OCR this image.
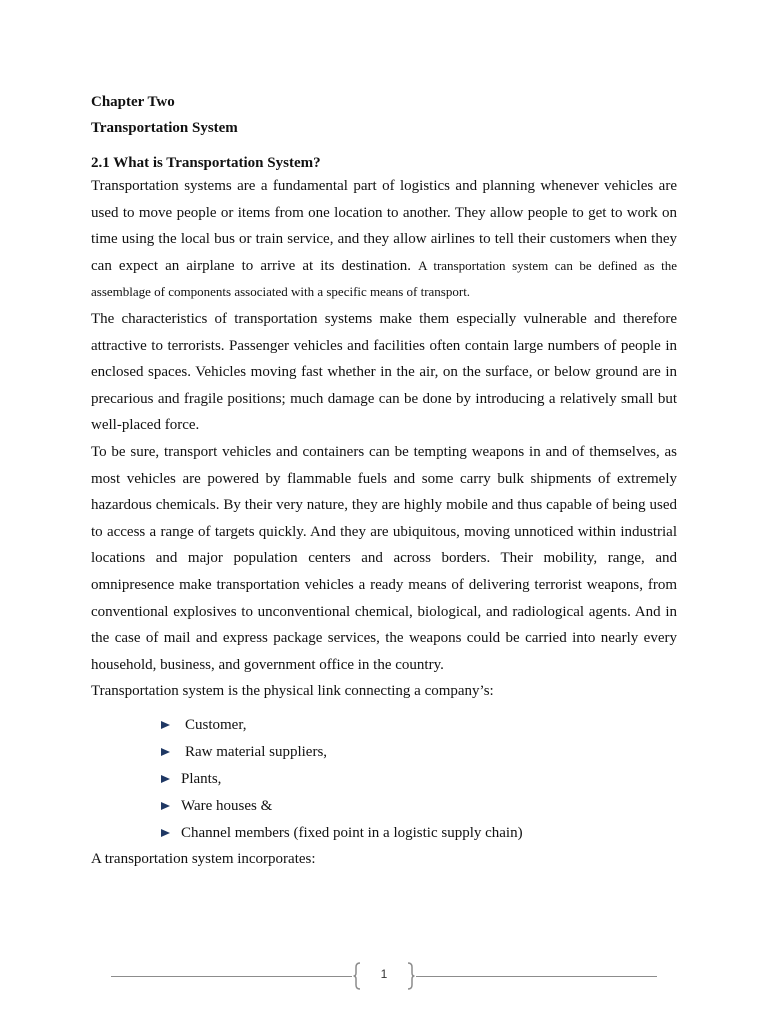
Chapter Two
Transportation System
2.1 What is Transportation System?

Transportation systems are a fundamental part of logistics and planning whenever vehicles are used to move people or items from one location to another. They allow people to get to work on time using the local bus or train service, and they allow airlines to tell their customers when they can expect an airplane to arrive at its destination. A transportation system can be defined as the assemblage of components associated with a specific means of transport.

The characteristics of transportation systems make them especially vulnerable and therefore attractive to terrorists. Passenger vehicles and facilities often contain large numbers of people in enclosed spaces. Vehicles moving fast whether in the air, on the surface, or below ground are in precarious and fragile positions; much damage can be done by introducing a relatively small but well-placed force.

To be sure, transport vehicles and containers can be tempting weapons in and of themselves, as most vehicles are powered by flammable fuels and some carry bulk shipments of extremely hazardous chemicals. By their very nature, they are highly mobile and thus capable of being used to access a range of targets quickly. And they are ubiquitous, moving unnoticed within industrial locations and major population centers and across borders. Their mobility, range, and omnipresence make transportation vehicles a ready means of delivering terrorist weapons, from conventional explosives to unconventional chemical, biological, and radiological agents. And in the case of mail and express package services, the weapons could be carried into nearly every household, business, and government office in the country.

Transportation system is the physical link connecting a company’s:

Customer,
Raw material suppliers,
Plants,
Ware houses &
Channel members (fixed point in a logistic supply chain)

A transportation system incorporates:

1
